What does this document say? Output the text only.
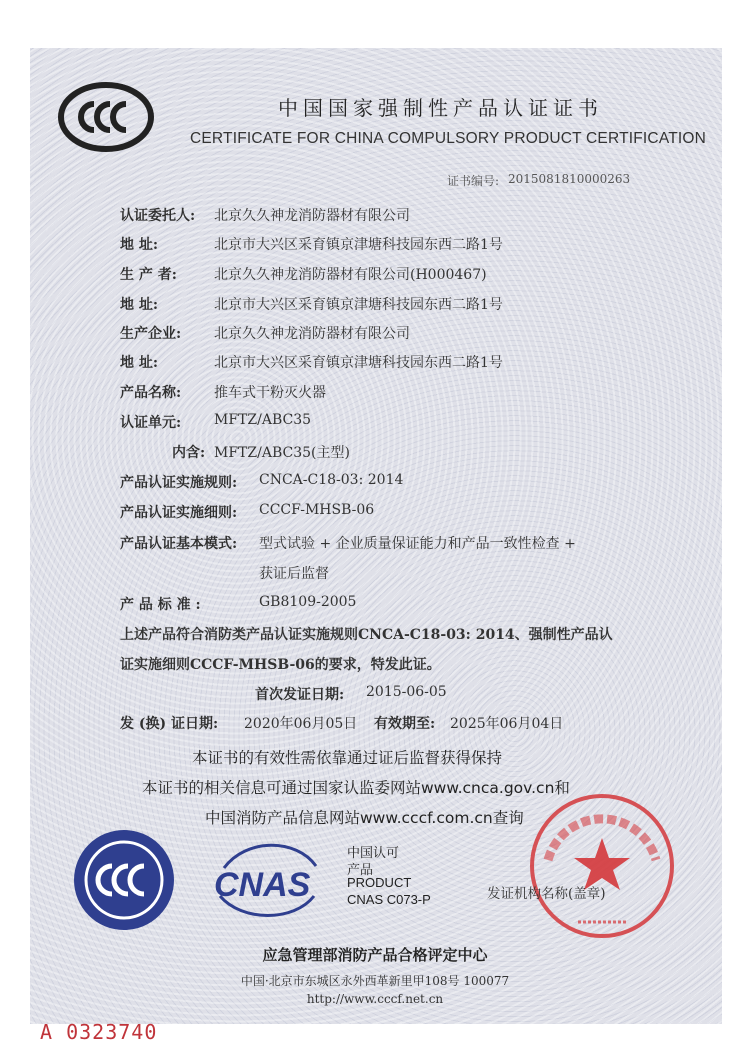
中国国家强制性产品认证证书
CERTIFICATE FOR CHINA COMPULSORY PRODUCT CERTIFICATION
证书编号: 2015081810000263
认证委托人: 北京久久神龙消防器材有限公司
地 址:	北京市大兴区采育镇京津塘科技园东西二路1号
生 产 者:	北京久久神龙消防器材有限公司(H000467)
地 址:	北京市大兴区采育镇京津塘科技园东西二路1号
生产企业: 北京久久神龙消防器材有限公司
地 址:	北京市大兴区采育镇京津塘科技园东西二路1号
产品名称: 推车式干粉灭火器
认证单元: MFTZ/ABC35
内含: MFTZ/ABC35(主型)
产品认证实施规则: CNCA-C18-03: 2014
产品认证实施细则: CCCF-MHSB-06
产品认证基本模式: 型式试验 + 企业质量保证能力和产品一致性检查 +
获证后监督
产 品 标 准 :	GB8109-2005
上述产品符合消防类产品认证实施规则CNCA-C18-03: 2014、强制性产品认
证实施细则CCCF-MHSB-06的要求，特发此证。
首次发证日期: 2015-06-05
发 (换) 证日期: 2020年06月05日 有效期至: 2025年06月04日
本证书的有效性需依靠通过证后监督获得保持
本证书的相关信息可通过国家认监委网站www.cnca.gov.cn和
中国消防产品信息网站www.cccf.com.cn查询
CNAS
中国认可
产品
PRODUCT
CNAS C073-P	发证机构名称(盖章)
应急管理部消防产品合格评定中心
中国·北京市东城区永外西革新里甲108号 100077
http://www.cccf.net.cn
A 0323740
